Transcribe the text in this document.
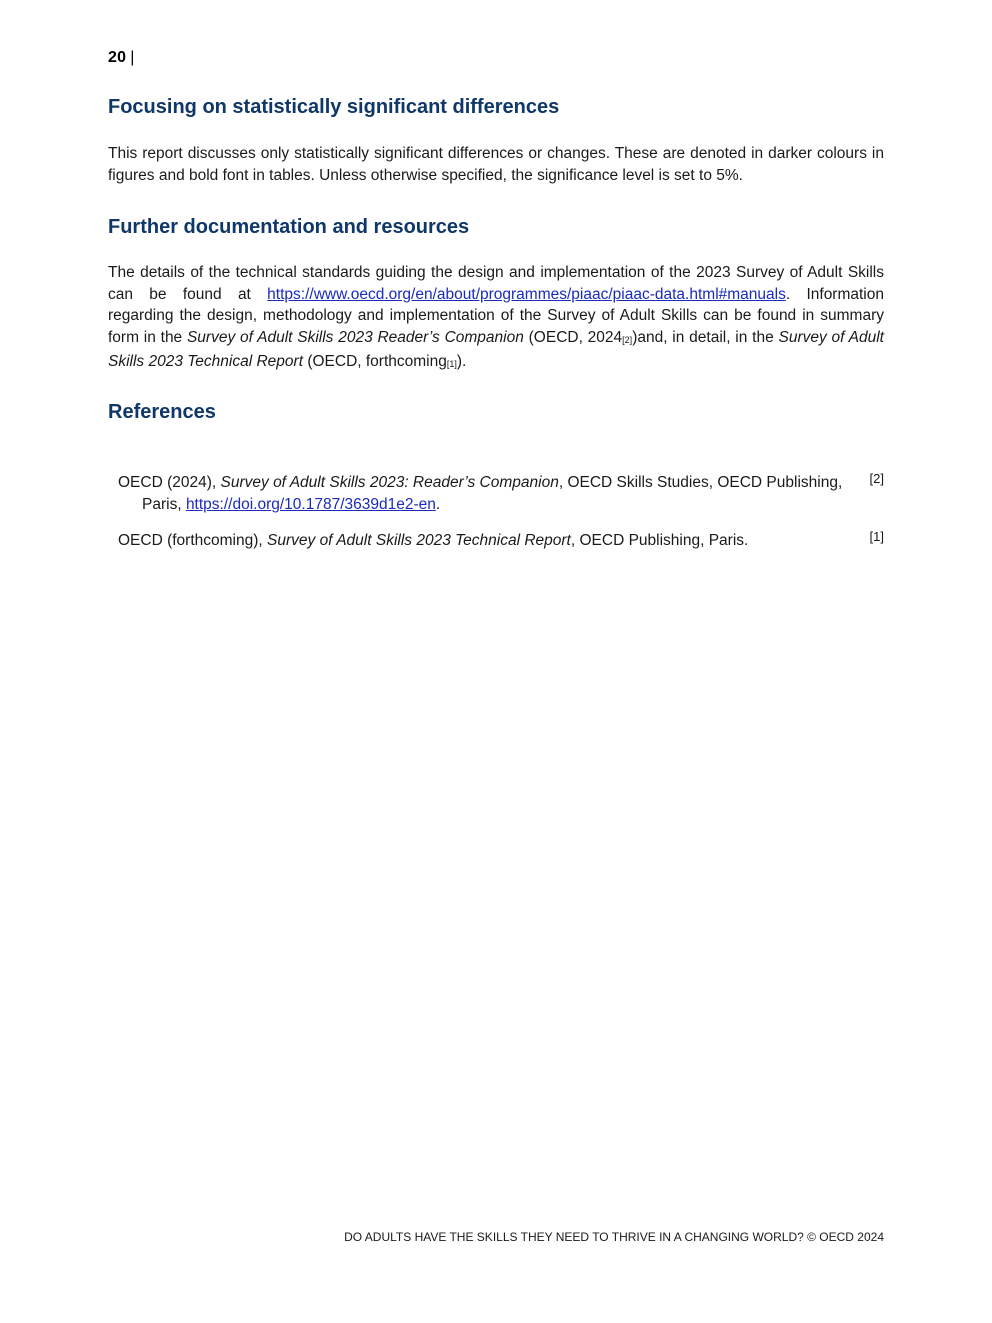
20 |
Focusing on statistically significant differences

This report discusses only statistically significant differences or changes. These are denoted in darker colours in figures and bold font in tables. Unless otherwise specified, the significance level is set to 5%.

Further documentation and resources

The details of the technical standards guiding the design and implementation of the 2023 Survey of Adult Skills can be found at https://www.oecd.org/en/about/programmes/piaac/piaac-data.html#manuals. Information regarding the design, methodology and implementation of the Survey of Adult Skills can be found in summary form in the Survey of Adult Skills 2023 Reader’s Companion (OECD, 2024[2])and, in detail, in the Survey of Adult Skills 2023 Technical Report (OECD, forthcoming[1]).

References
OECD (2024), Survey of Adult Skills 2023: Reader’s Companion, OECD Skills Studies, OECD Publishing, Paris, https://doi.org/10.1787/3639d1e2-en.
[2]
OECD (forthcoming), Survey of Adult Skills 2023 Technical Report, OECD Publishing, Paris.	[1]
DO ADULTS HAVE THE SKILLS THEY NEED TO THRIVE IN A CHANGING WORLD? © OECD 2024
